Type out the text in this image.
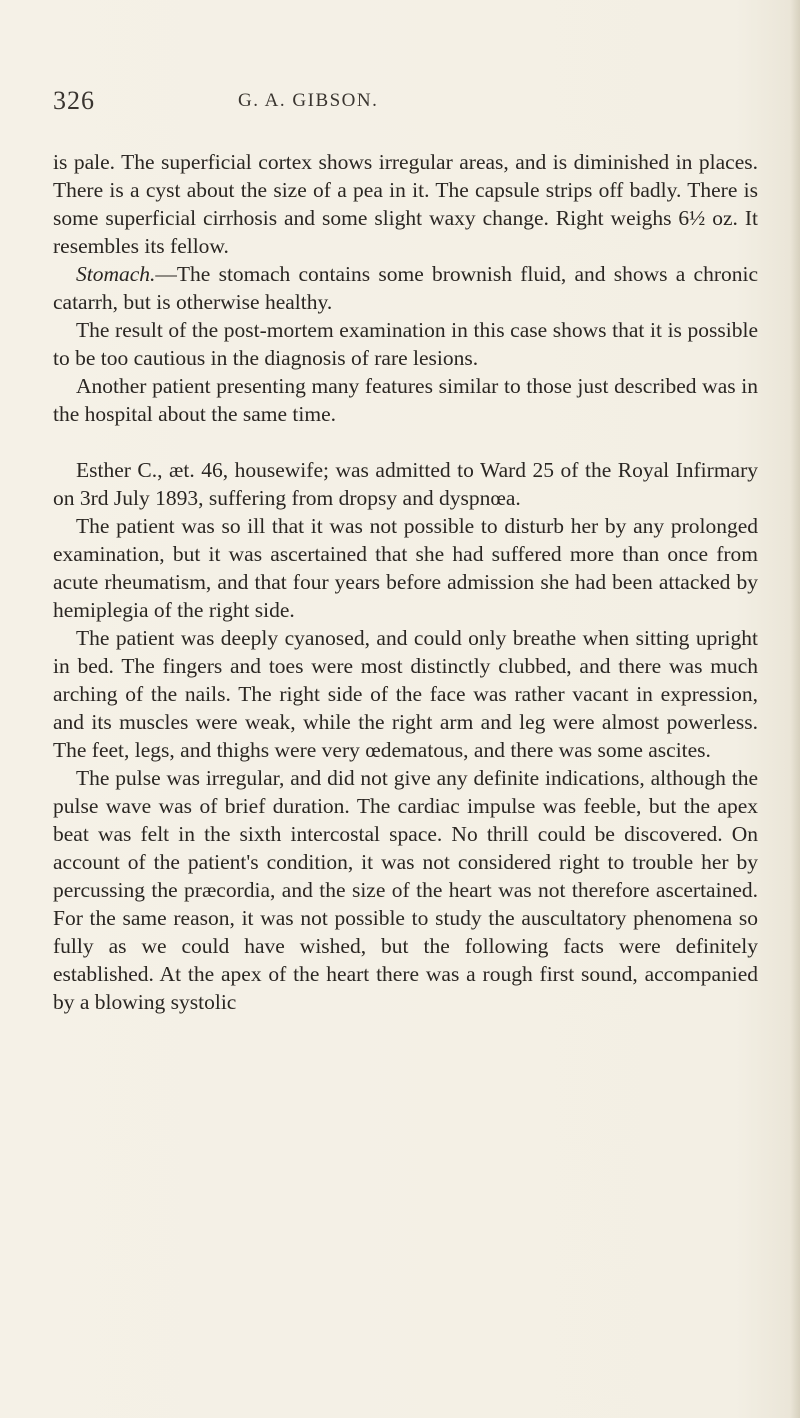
326	G. A. GIBSON.

is pale. The superficial cortex shows irregular areas, and is diminished in places. There is a cyst about the size of a pea in it. The capsule strips off badly. There is some superficial cirrhosis and some slight waxy change. Right weighs 6½ oz. It resembles its fellow.

Stomach.—The stomach contains some brownish fluid, and shows a chronic catarrh, but is otherwise healthy.

The result of the post-mortem examination in this case shows that it is possible to be too cautious in the diagnosis of rare lesions.

Another patient presenting many features similar to those just described was in the hospital about the same time.

Esther C., æt. 46, housewife; was admitted to Ward 25 of the Royal Infirmary on 3rd July 1893, suffering from dropsy and dyspnœa.

The patient was so ill that it was not possible to disturb her by any prolonged examination, but it was ascertained that she had suffered more than once from acute rheumatism, and that four years before admission she had been attacked by hemiplegia of the right side.

The patient was deeply cyanosed, and could only breathe when sitting upright in bed. The fingers and toes were most distinctly clubbed, and there was much arching of the nails. The right side of the face was rather vacant in expression, and its muscles were weak, while the right arm and leg were almost powerless. The feet, legs, and thighs were very œdematous, and there was some ascites.

The pulse was irregular, and did not give any definite indications, although the pulse wave was of brief duration. The cardiac impulse was feeble, but the apex beat was felt in the sixth intercostal space. No thrill could be discovered. On account of the patient's condition, it was not considered right to trouble her by percussing the præcordia, and the size of the heart was not therefore ascertained. For the same reason, it was not possible to study the auscultatory phenomena so fully as we could have wished, but the following facts were definitely established. At the apex of the heart there was a rough first sound, accompanied by a blowing systolic
